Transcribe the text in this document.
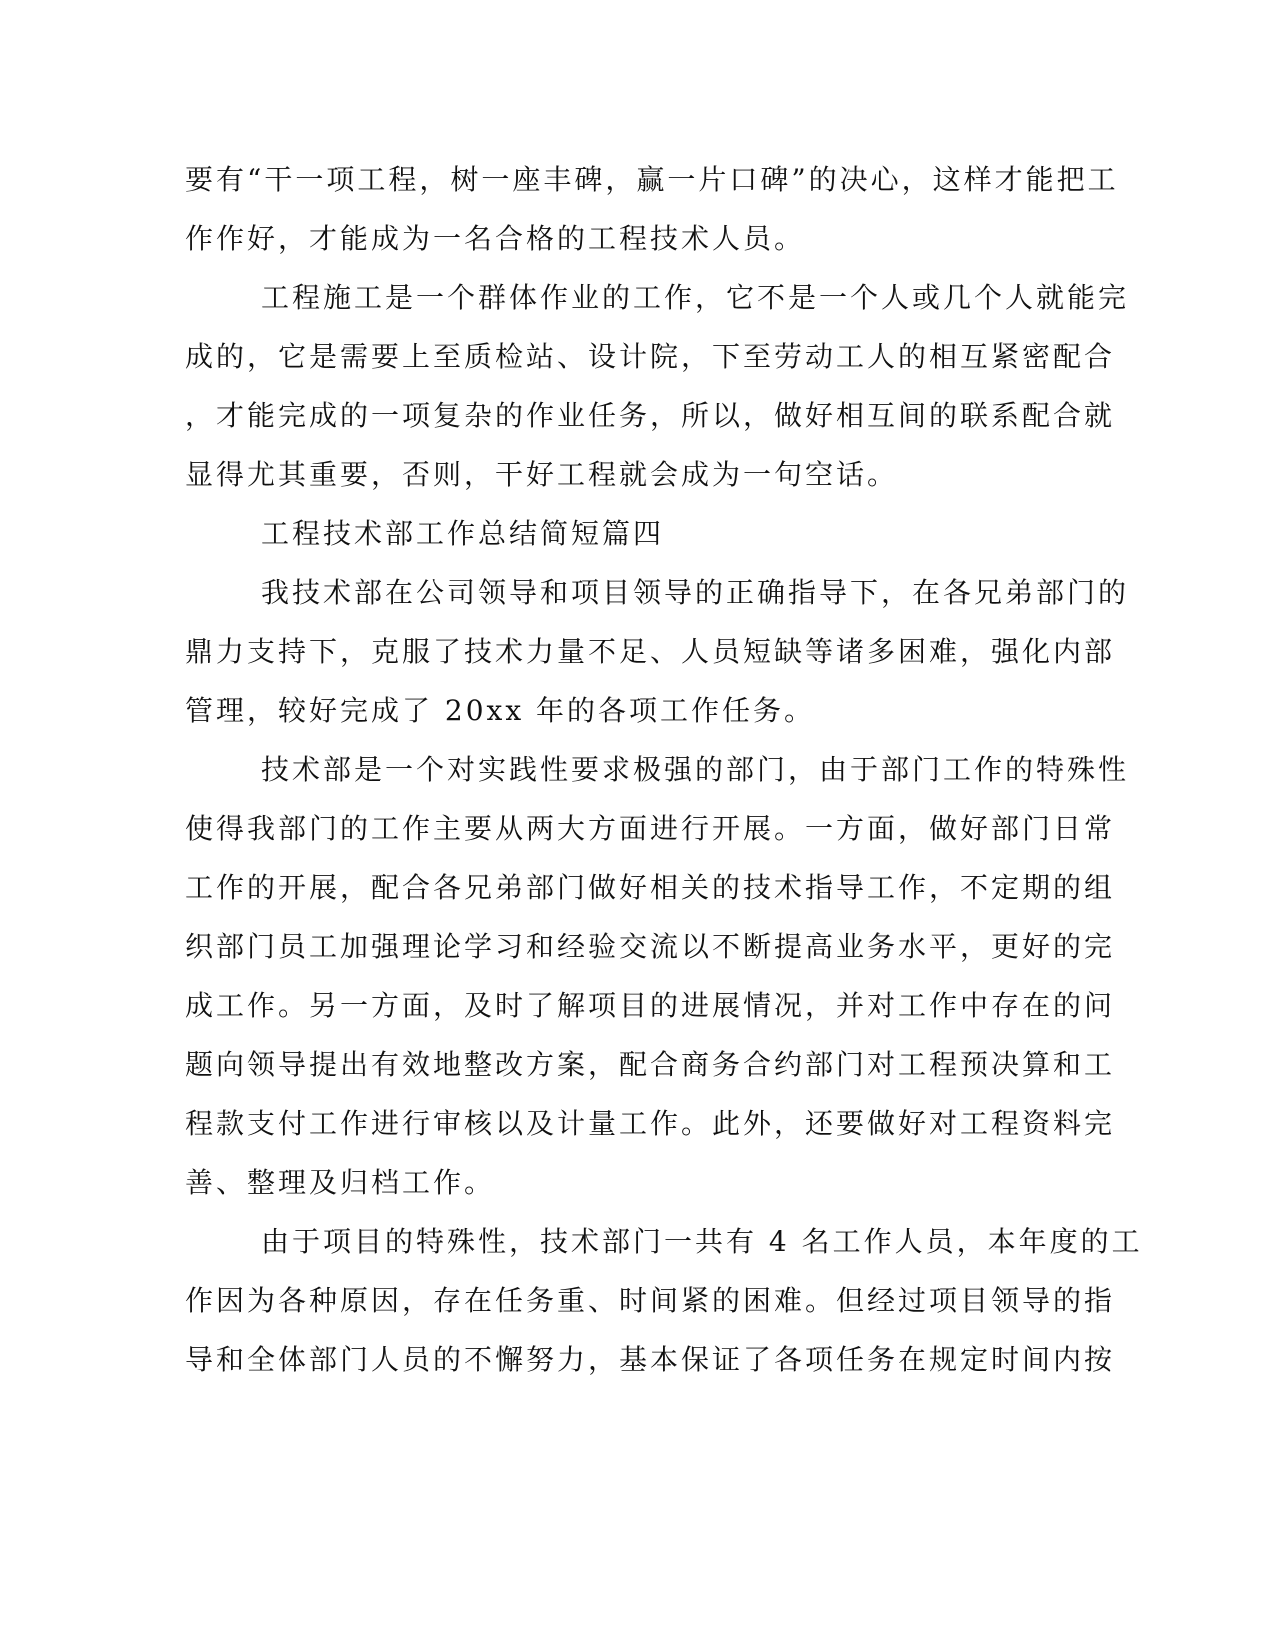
要有“干一项工程，树一座丰碑，赢一片口碑”的决心，这样才能把工
作作好，才能成为一名合格的工程技术人员。
工程施工是一个群体作业的工作，它不是一个人或几个人就能完
成的，它是需要上至质检站、设计院，下至劳动工人的相互紧密配合
，才能完成的一项复杂的作业任务，所以，做好相互间的联系配合就
显得尤其重要，否则，干好工程就会成为一句空话。
工程技术部工作总结简短篇四
我技术部在公司领导和项目领导的正确指导下，在各兄弟部门的
鼎力支持下，克服了技术力量不足、人员短缺等诸多困难，强化内部
管理，较好完成了 20xx 年的各项工作任务。
技术部是一个对实践性要求极强的部门，由于部门工作的特殊性
使得我部门的工作主要从两大方面进行开展。一方面，做好部门日常
工作的开展，配合各兄弟部门做好相关的技术指导工作，不定期的组
织部门员工加强理论学习和经验交流以不断提高业务水平，更好的完
成工作。另一方面，及时了解项目的进展情况，并对工作中存在的问
题向领导提出有效地整改方案，配合商务合约部门对工程预决算和工
程款支付工作进行审核以及计量工作。此外，还要做好对工程资料完
善、整理及归档工作。
由于项目的特殊性，技术部门一共有 4 名工作人员，本年度的工
作因为各种原因，存在任务重、时间紧的困难。但经过项目领导的指
导和全体部门人员的不懈努力，基本保证了各项任务在规定时间内按
